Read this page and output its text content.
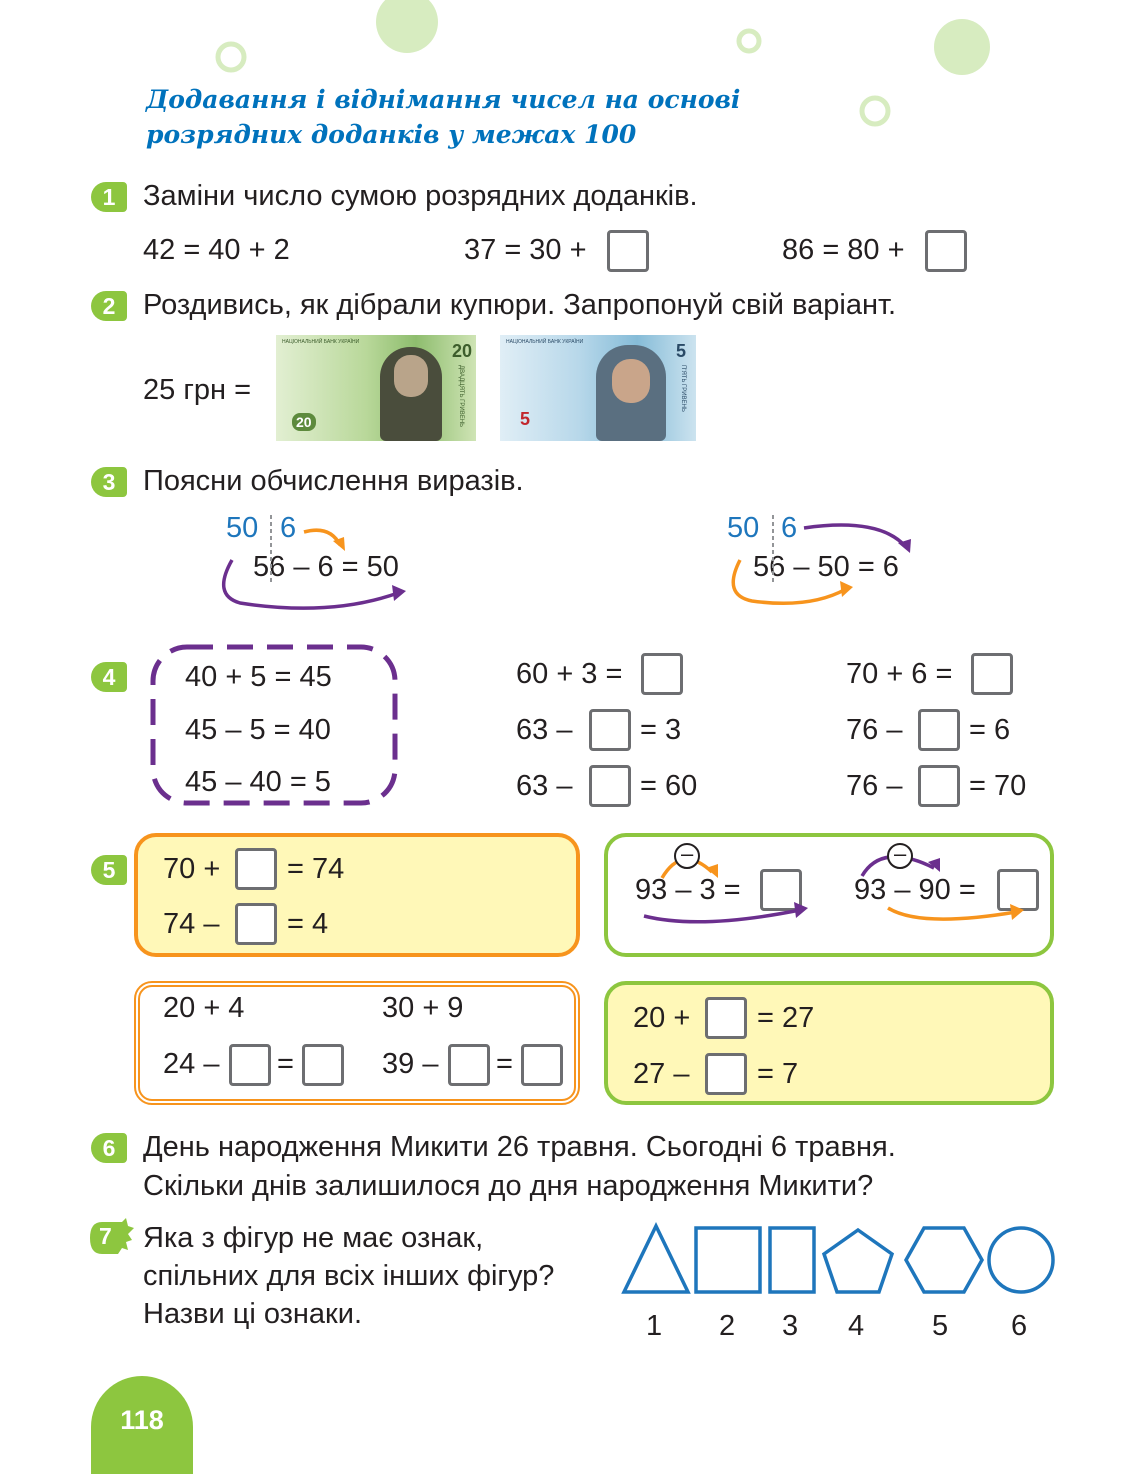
Додавання і віднімання чисел на основі
розрядних доданків у межах 100
1 Заміни число сумою розрядних доданків.
42 = 40 + 2	37 = 30 +	86 = 80 +
2 Роздивись, як дібрали купюри. Запропонуй свій варіант.
25 грн =
НАЦІОНАЛЬНИЙ БАНК УКРАЇНИ
20
20
ДВАДЦЯТЬ ГРИВЕНЬ
НАЦІОНАЛЬНИЙ БАНК УКРАЇНИ
5
5
П'ЯТЬ ГРИВЕНЬ
3 Поясни обчислення виразів.
50 6
56 – 6 = 50
50 6
56 – 50 = 6
4	40 + 5 = 45
45 – 5 = 40
45 – 40 = 5
60 + 3 =
63 – = 3
63 – = 60
70 + 6 =
76 – = 6
76 – = 70
5	70 + = 74
74 – = 4
93 – 3 =	93 – 90 =
–	–
20 + 4	30 + 9
24 – =	39 – =
20 + = 27
27 – = 7
6 День народження Микити 26 травня. Сьогодні 6 травня.
Скільки днів залишилося до дня народження Микити?
7 Яка з фігур не має ознак,
спільних для всіх інших фігур?
Назви ці ознаки.	1 2 3 4 5 6
118
